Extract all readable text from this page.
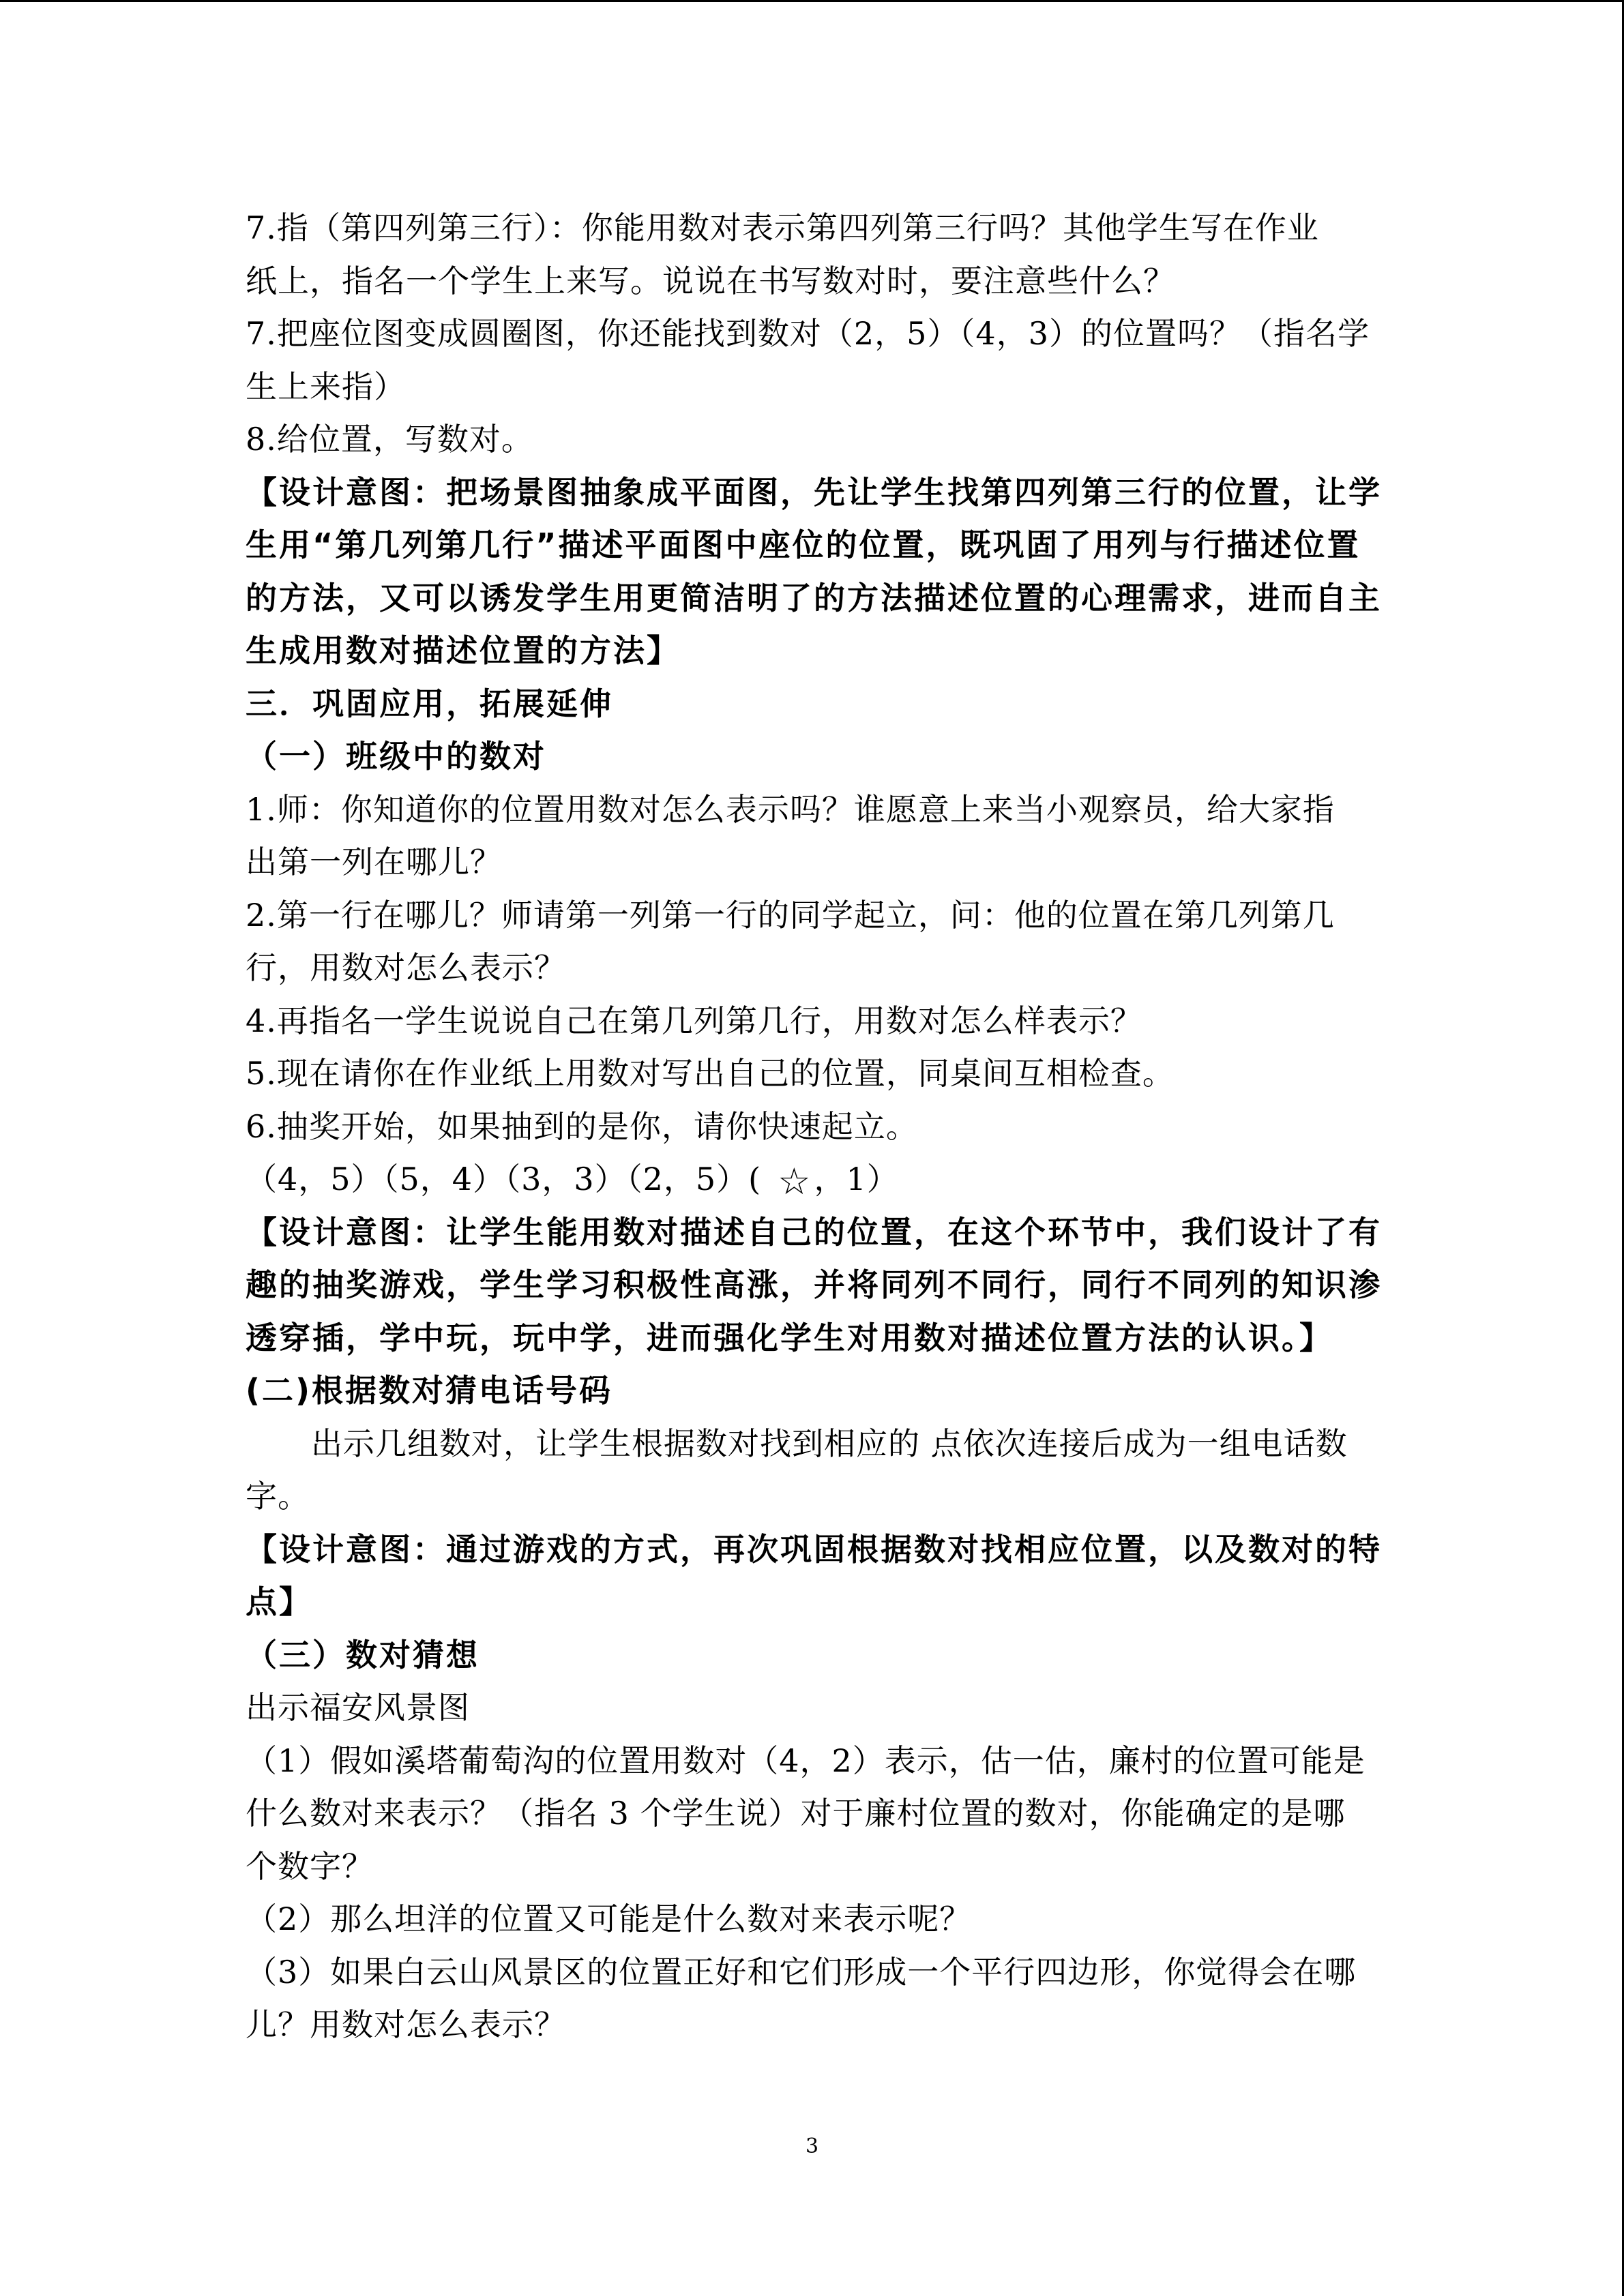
7.指（第四列第三行）：你能用数对表示第四列第三行吗？其他学生写在作业
纸上，指名一个学生上来写。说说在书写数对时，要注意些什么？
7.把座位图变成圆圈图，你还能找到数对（2，5）（4，3）的位置吗？（指名学
生上来指）
8.给位置，写数对。
【设计意图：把场景图抽象成平面图，先让学生找第四列第三行的位置，让学
生用“第几列第几行”描述平面图中座位的位置，既巩固了用列与行描述位置
的方法，又可以诱发学生用更简洁明了的方法描述位置的心理需求，进而自主
生成用数对描述位置的方法】
三．巩固应用，拓展延伸
（一）班级中的数对
1.师：你知道你的位置用数对怎么表示吗？谁愿意上来当小观察员，给大家指
出第一列在哪儿？
2.第一行在哪儿？师请第一列第一行的同学起立，问：他的位置在第几列第几
行，用数对怎么表示？
4.再指名一学生说说自己在第几列第几行，用数对怎么样表示？
5.现在请你在作业纸上用数对写出自己的位置，同桌间互相检查。
6.抽奖开始，如果抽到的是你，请你快速起立。
（4，5）（5，4）（3，3）（2，5）( ☆，1）
【设计意图：让学生能用数对描述自己的位置，在这个环节中，我们设计了有
趣的抽奖游戏，学生学习积极性高涨，并将同列不同行，同行不同列的知识渗
透穿插，学中玩，玩中学，进而强化学生对用数对描述位置方法的认识。】
(二)根据数对猜电话号码
出示几组数对，让学生根据数对找到相应的 点依次连接后成为一组电话数
字。
【设计意图：通过游戏的方式，再次巩固根据数对找相应位置，以及数对的特
点】
（三）数对猜想
出示福安风景图
（1）假如溪塔葡萄沟的位置用数对（4，2）表示，估一估，廉村的位置可能是
什么数对来表示？（指名 3 个学生说）对于廉村位置的数对，你能确定的是哪
个数字？
（2）那么坦洋的位置又可能是什么数对来表示呢？
（3）如果白云山风景区的位置正好和它们形成一个平行四边形，你觉得会在哪
儿？用数对怎么表示？
3
